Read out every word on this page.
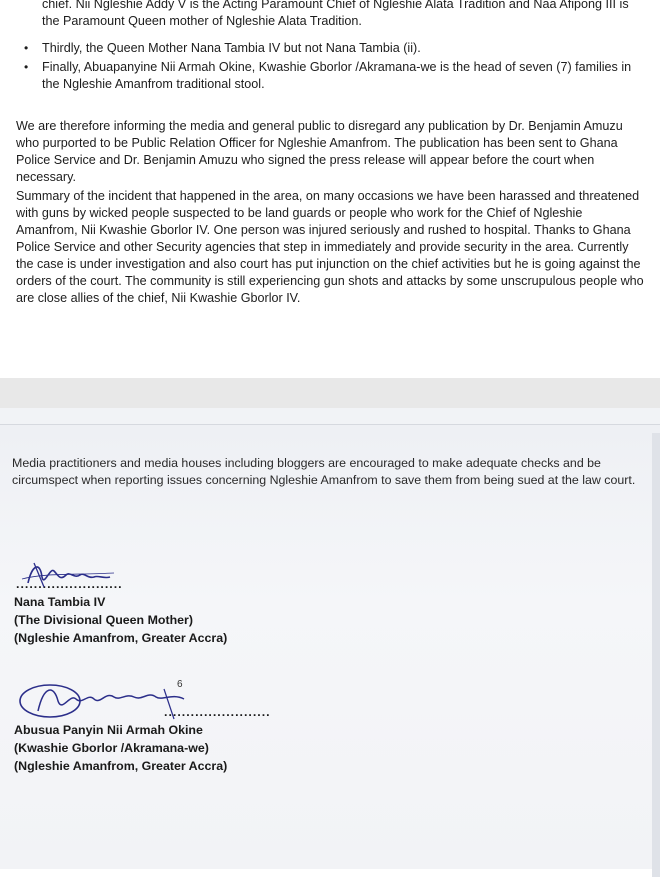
chief. Nii Ngleshie Addy V is the Acting Paramount Chief of Ngleshie Alata Tradition and Naa Afipong III is the Paramount Queen mother of Ngleshie Alata Tradition.

• Thirdly, the Queen Mother Nana Tambia IV but not Nana Tambia (ii).
• Finally, Abuapanyine Nii Armah Okine, Kwashie Gborlor /Akramana-we is the head of seven (7) families in the Ngleshie Amanfrom traditional stool.

We are therefore informing the media and general public to disregard any publication by Dr. Benjamin Amuzu who purported to be Public Relation Officer for Ngleshie Amanfrom. The publication has been sent to Ghana Police Service and Dr. Benjamin Amuzu who signed the press release will appear before the court when necessary.

Summary of the incident that happened in the area, on many occasions we have been harassed and threatened with guns by wicked people suspected to be land guards or people who work for the Chief of Ngleshie Amanfrom, Nii Kwashie Gborlor IV. One person was injured seriously and rushed to hospital. Thanks to Ghana Police Service and other Security agencies that step in immediately and provide security in the area. Currently the case is under investigation and also court has put injunction on the chief activities but he is going against the orders of the court. The community is still experiencing gun shots and attacks by some unscrupulous people who are close allies of the chief, Nii Kwashie Gborlor IV.

Media practitioners and media houses including bloggers are encouraged to make adequate checks and be circumspect when reporting issues concerning Ngleshie Amanfrom to save them from being sued at the law court.

........................
Nana Tambia IV
(The Divisional Queen Mother)
(Ngleshie Amanfrom, Greater Accra)
6
........................
Abusua Panyin Nii Armah Okine
(Kwashie Gborlor /Akramana-we)
(Ngleshie Amanfrom, Greater Accra)
